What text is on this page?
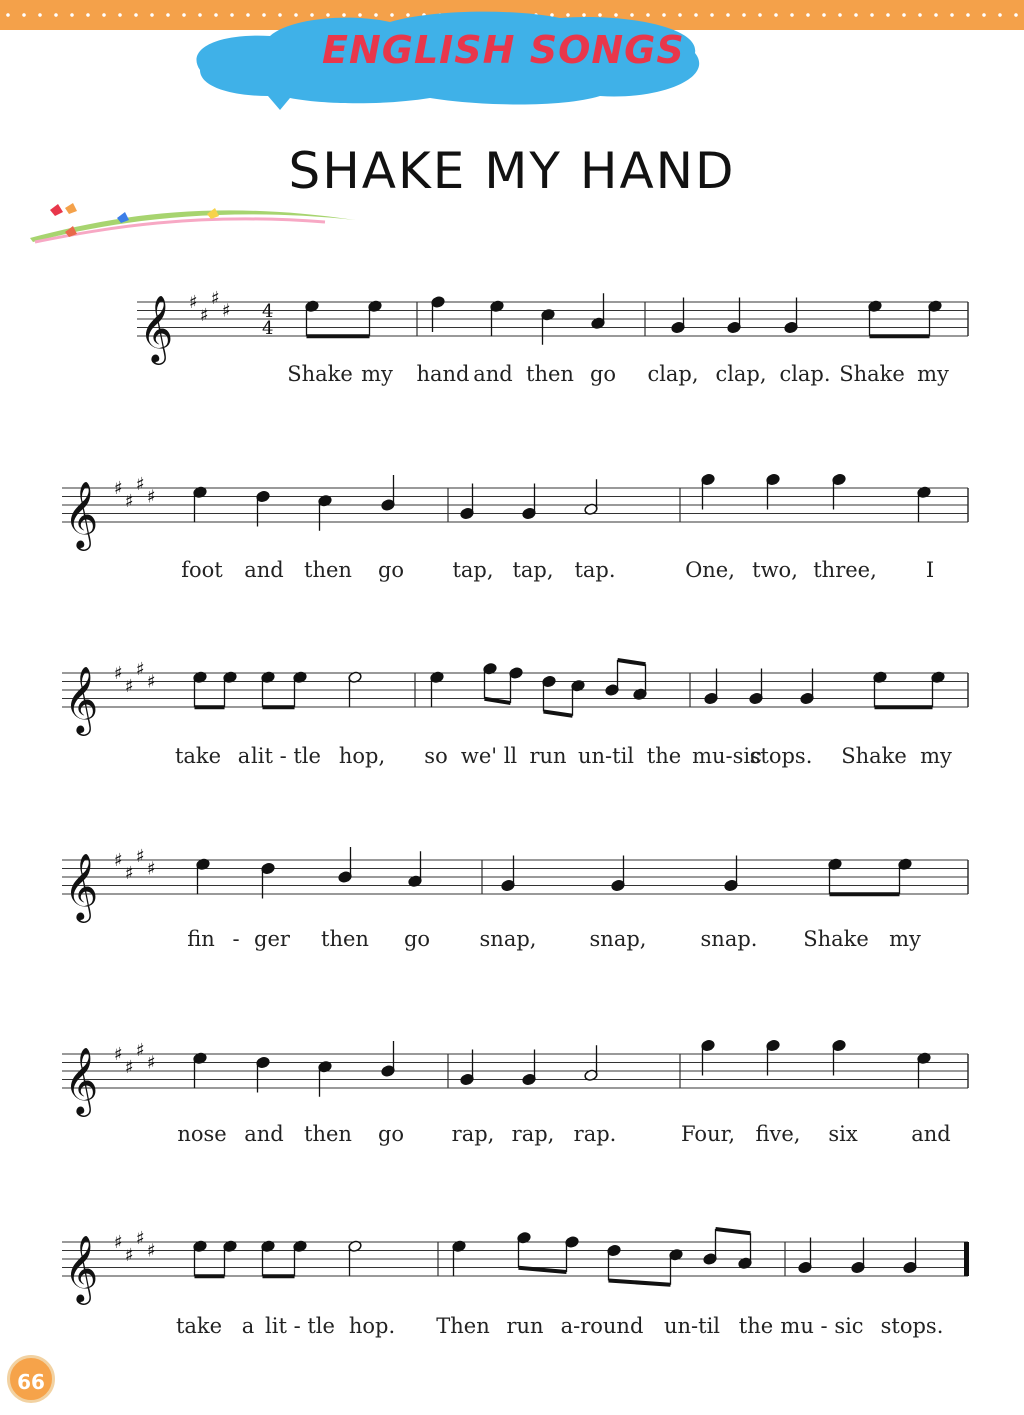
ENGLISH SONGS
SHAKE MY HAND
𝄞 ♯
♯
♯
♯ 4
4
𝄞 ♯
♯
♯
♯
𝄞 ♯
♯
♯
♯
𝄞 ♯
♯
♯
♯
𝄞 ♯
♯
♯
♯
𝄞 ♯
♯
♯
♯
Shake my hand and then go clap, clap, clap. Shake my
foot and then go tap, tap, tap.	One, two, three, I
take a lit - tle hop, so we' ll run un-til the mu-sic
stops. Shake my
fin - ger then go snap,	snap,	snap. Shake my
nose and then go rap, rap, rap.	Four, five, six	and
take a lit - tle hop. Then run a-round un-til the mu - sic stops.
66
